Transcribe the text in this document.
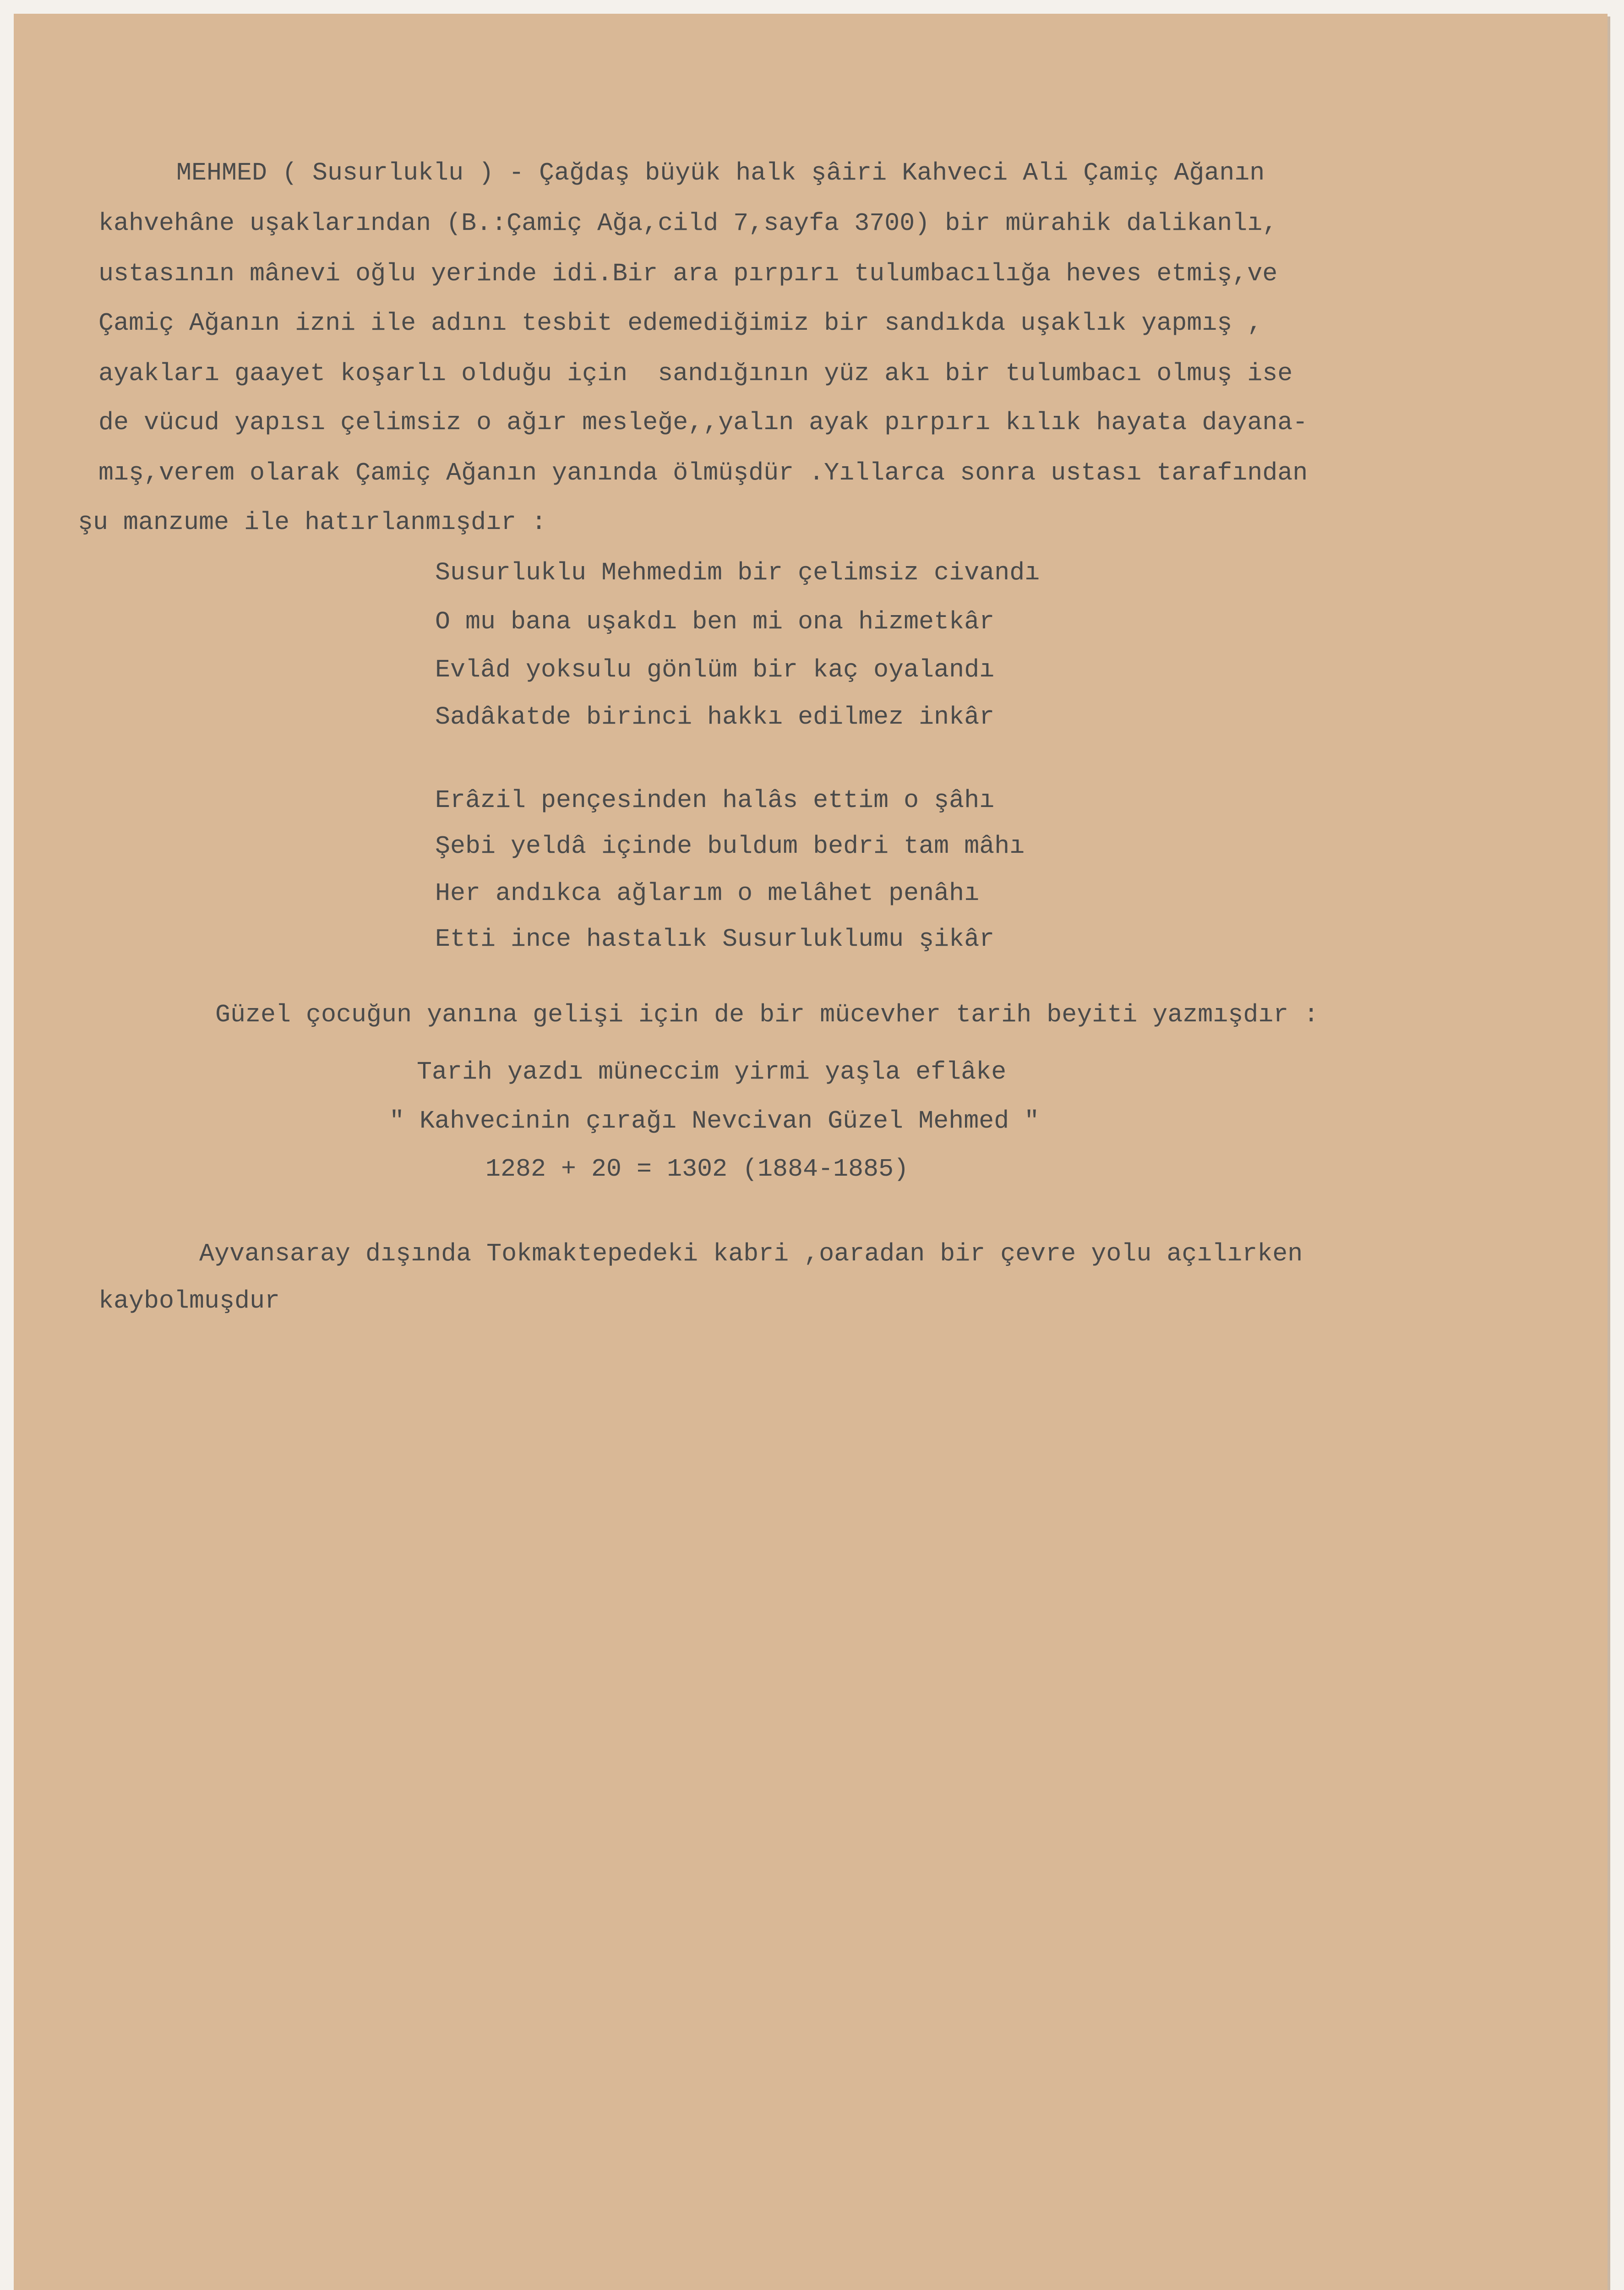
MEHMED ( Susurluklu ) - Çağdaş büyük halk şâiri Kahveci Ali Çamiç Ağanın
kahvehâne uşaklarından (B.:Çamiç Ağa,cild 7,sayfa 3700) bir mürahik dalikanlı,
ustasının mânevi oğlu yerinde idi.Bir ara pırpırı tulumbacılığa heves etmiş,ve
Çamiç Ağanın izni ile adını tesbit edemediğimiz bir sandıkda uşaklık yapmış ,
ayakları gaayet koşarlı olduğu için  sandığının yüz akı bir tulumbacı olmuş ise
de vücud yapısı çelimsiz o ağır mesleğe,,yalın ayak pırpırı kılık hayata dayana-
mış,verem olarak Çamiç Ağanın yanında ölmüşdür .Yıllarca sonra ustası tarafından
şu manzume ile hatırlanmışdır :
Susurluklu Mehmedim bir çelimsiz civandı
O mu bana uşakdı ben mi ona hizmetkâr
Evlâd yoksulu gönlüm bir kaç oyalandı
Sadâkatde birinci hakkı edilmez inkâr
Erâzil pençesinden halâs ettim o şâhı
Şebi yeldâ içinde buldum bedri tam mâhı
Her andıkca ağlarım o melâhet penâhı
Etti ince hastalık Susurluklumu şikâr
Güzel çocuğun yanına gelişi için de bir mücevher tarih beyiti yazmışdır :
Tarih yazdı müneccim yirmi yaşla eflâke
" Kahvecinin çırağı Nevcivan Güzel Mehmed "
1282 + 20 = 1302 (1884-1885)
Ayvansaray dışında Tokmaktepedeki kabri ,oaradan bir çevre yolu açılırken
kaybolmuşdur
